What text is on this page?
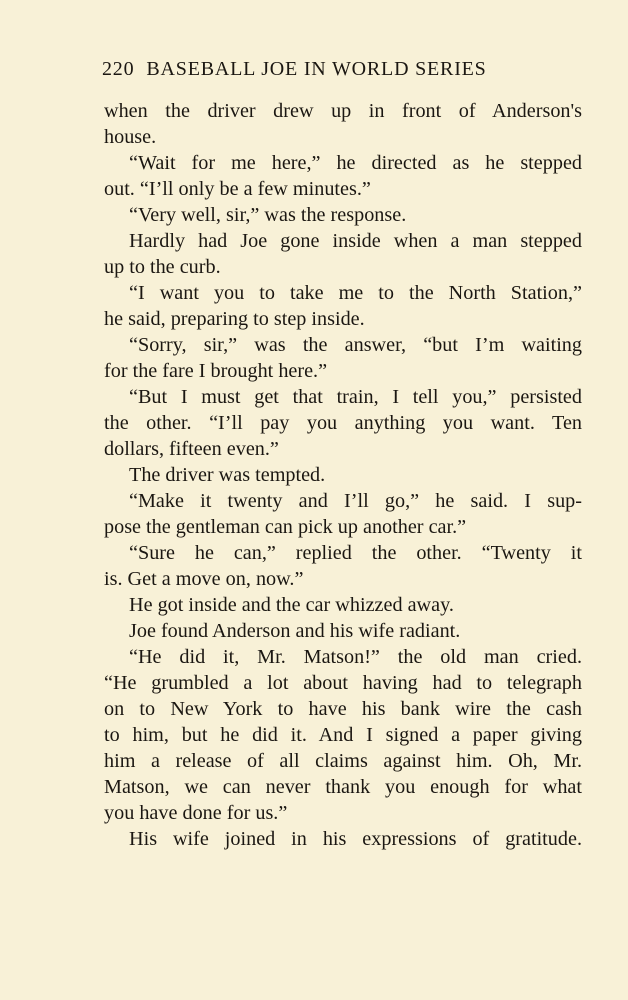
220 BASEBALL JOE IN WORLD SERIES
when the driver drew up in front of Anderson's
house.
“Wait for me here,” he directed as he stepped
out. “I’ll only be a few minutes.”
“Very well, sir,” was the response.
Hardly had Joe gone inside when a man stepped
up to the curb.
“I want you to take me to the North Station,”
he said, preparing to step inside.
“Sorry, sir,” was the answer, “but I’m waiting
for the fare I brought here.”
“But I must get that train, I tell you,” persisted
the other. “I’ll pay you anything you want. Ten
dollars, fifteen even.”
The driver was tempted.
“Make it twenty and I’ll go,” he said. I sup-
pose the gentleman can pick up another car.”
“Sure he can,” replied the other. “Twenty it
is. Get a move on, now.”
He got inside and the car whizzed away.
Joe found Anderson and his wife radiant.
“He did it, Mr. Matson!” the old man cried.
“He grumbled a lot about having had to telegraph
on to New York to have his bank wire the cash
to him, but he did it. And I signed a paper giving
him a release of all claims against him. Oh, Mr.
Matson, we can never thank you enough for what
you have done for us.”
His wife joined in his expressions of gratitude.
